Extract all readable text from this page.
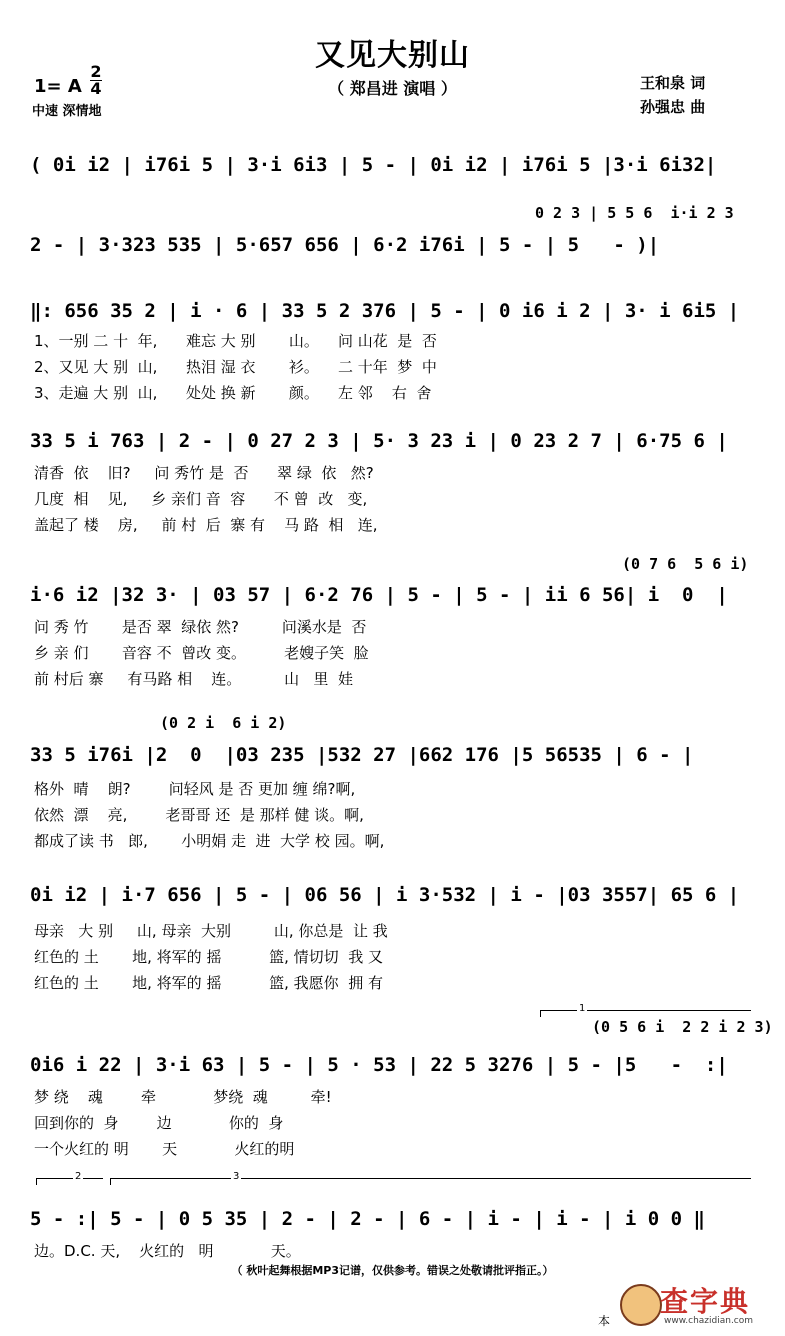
又见大别山
（ 郑昌进 演唱 ）
1= A
2
4
中速 深情地
王和泉 词
孙强忠 曲
( 0i i2 | i76i 5 | 3·i 6i3 | 5 - | 0i i2 | i76i 5 |3·i 6i32|
0 2 3 | 5 5 6  i·i 2 3
2 - | 3·323 535 | 5·657 656 | 6·2 i76i | 5 - | 5   - )|
‖: 656 35 2 | i · 6 | 33 5 2 376 | 5 - | 0 i6 i 2 | 3· i 6i5 |
1、一别 二 十  年,      难忘 大 别       山。    问 山花  是  否
2、又见 大 别  山,      热泪 湿 衣       衫。    二 十年  梦  中
3、走遍 大 别  山,      处处 换 新       颜。    左 邻    右  舍
33 5 i 763 | 2 - | 0 27 2 3 | 5· 3 23 i | 0 23 2 7 | 6·75 6 |
清香  依    旧?     问 秀竹 是  否      翠 绿  依   然?
几度  相    见,     乡 亲们 音  容      不 曾  改   变,
盖起了 楼    房,     前 村  后  寨 有    马 路  相   连,
(0 7 6  5 6 i)
i·6 i2 |32 3· | 03 57 | 6·2 76 | 5 - | 5 - | ii 6 56| i  0  |
问 秀 竹       是否 翠  绿依 然?         问溪水是  否
乡 亲 们       音容 不  曾改 变。        老嫂子笑  脸
前 村后 寨     有马路 相    连。         山   里  娃
(0 2 i  6 i 2)
33 5 i76i |2  0  |03 235 |532 27 |662 176 |5 56535 | 6 - |
格外  晴    朗?        问轻风 是 否 更加 缠 绵?啊,
依然  漂    亮,        老哥哥 还  是 那样 健 谈。啊,
都成了读 书   郎,       小明娟 走  进  大学 校 园。啊,
0i i2 | i·7 656 | 5 - | 06 56 | i 3·532 | i - |03 3557| 65 6 |
母亲   大 别     山, 母亲  大别         山, 你总是  让 我
红色的 土       地, 将军的 摇          篮, 情切切  我 又
红色的 土       地, 将军的 摇          篮, 我愿你  拥 有
1
(0 5 6 i  2 2 i 2 3)
0i6 i 22 | 3·i 63 | 5 - | 5 · 53 | 22 5 3276 | 5 - |5   -  :|
梦 绕    魂        牵            梦绕  魂         牵!
回到你的  身        边            你的  身
一个火红的 明       天            火红的明
2	3
5 - :| 5 - | 0 5 35 | 2 - | 2 - | 6 - | i - | i - | i 0 0 ‖
边。D.C. 天,    火红的   明            天。
（ 秋叶起舞根据MP3记谱，仅供参考。错误之处敬请批评指正。）
本
查字典
www.chazidian.com
